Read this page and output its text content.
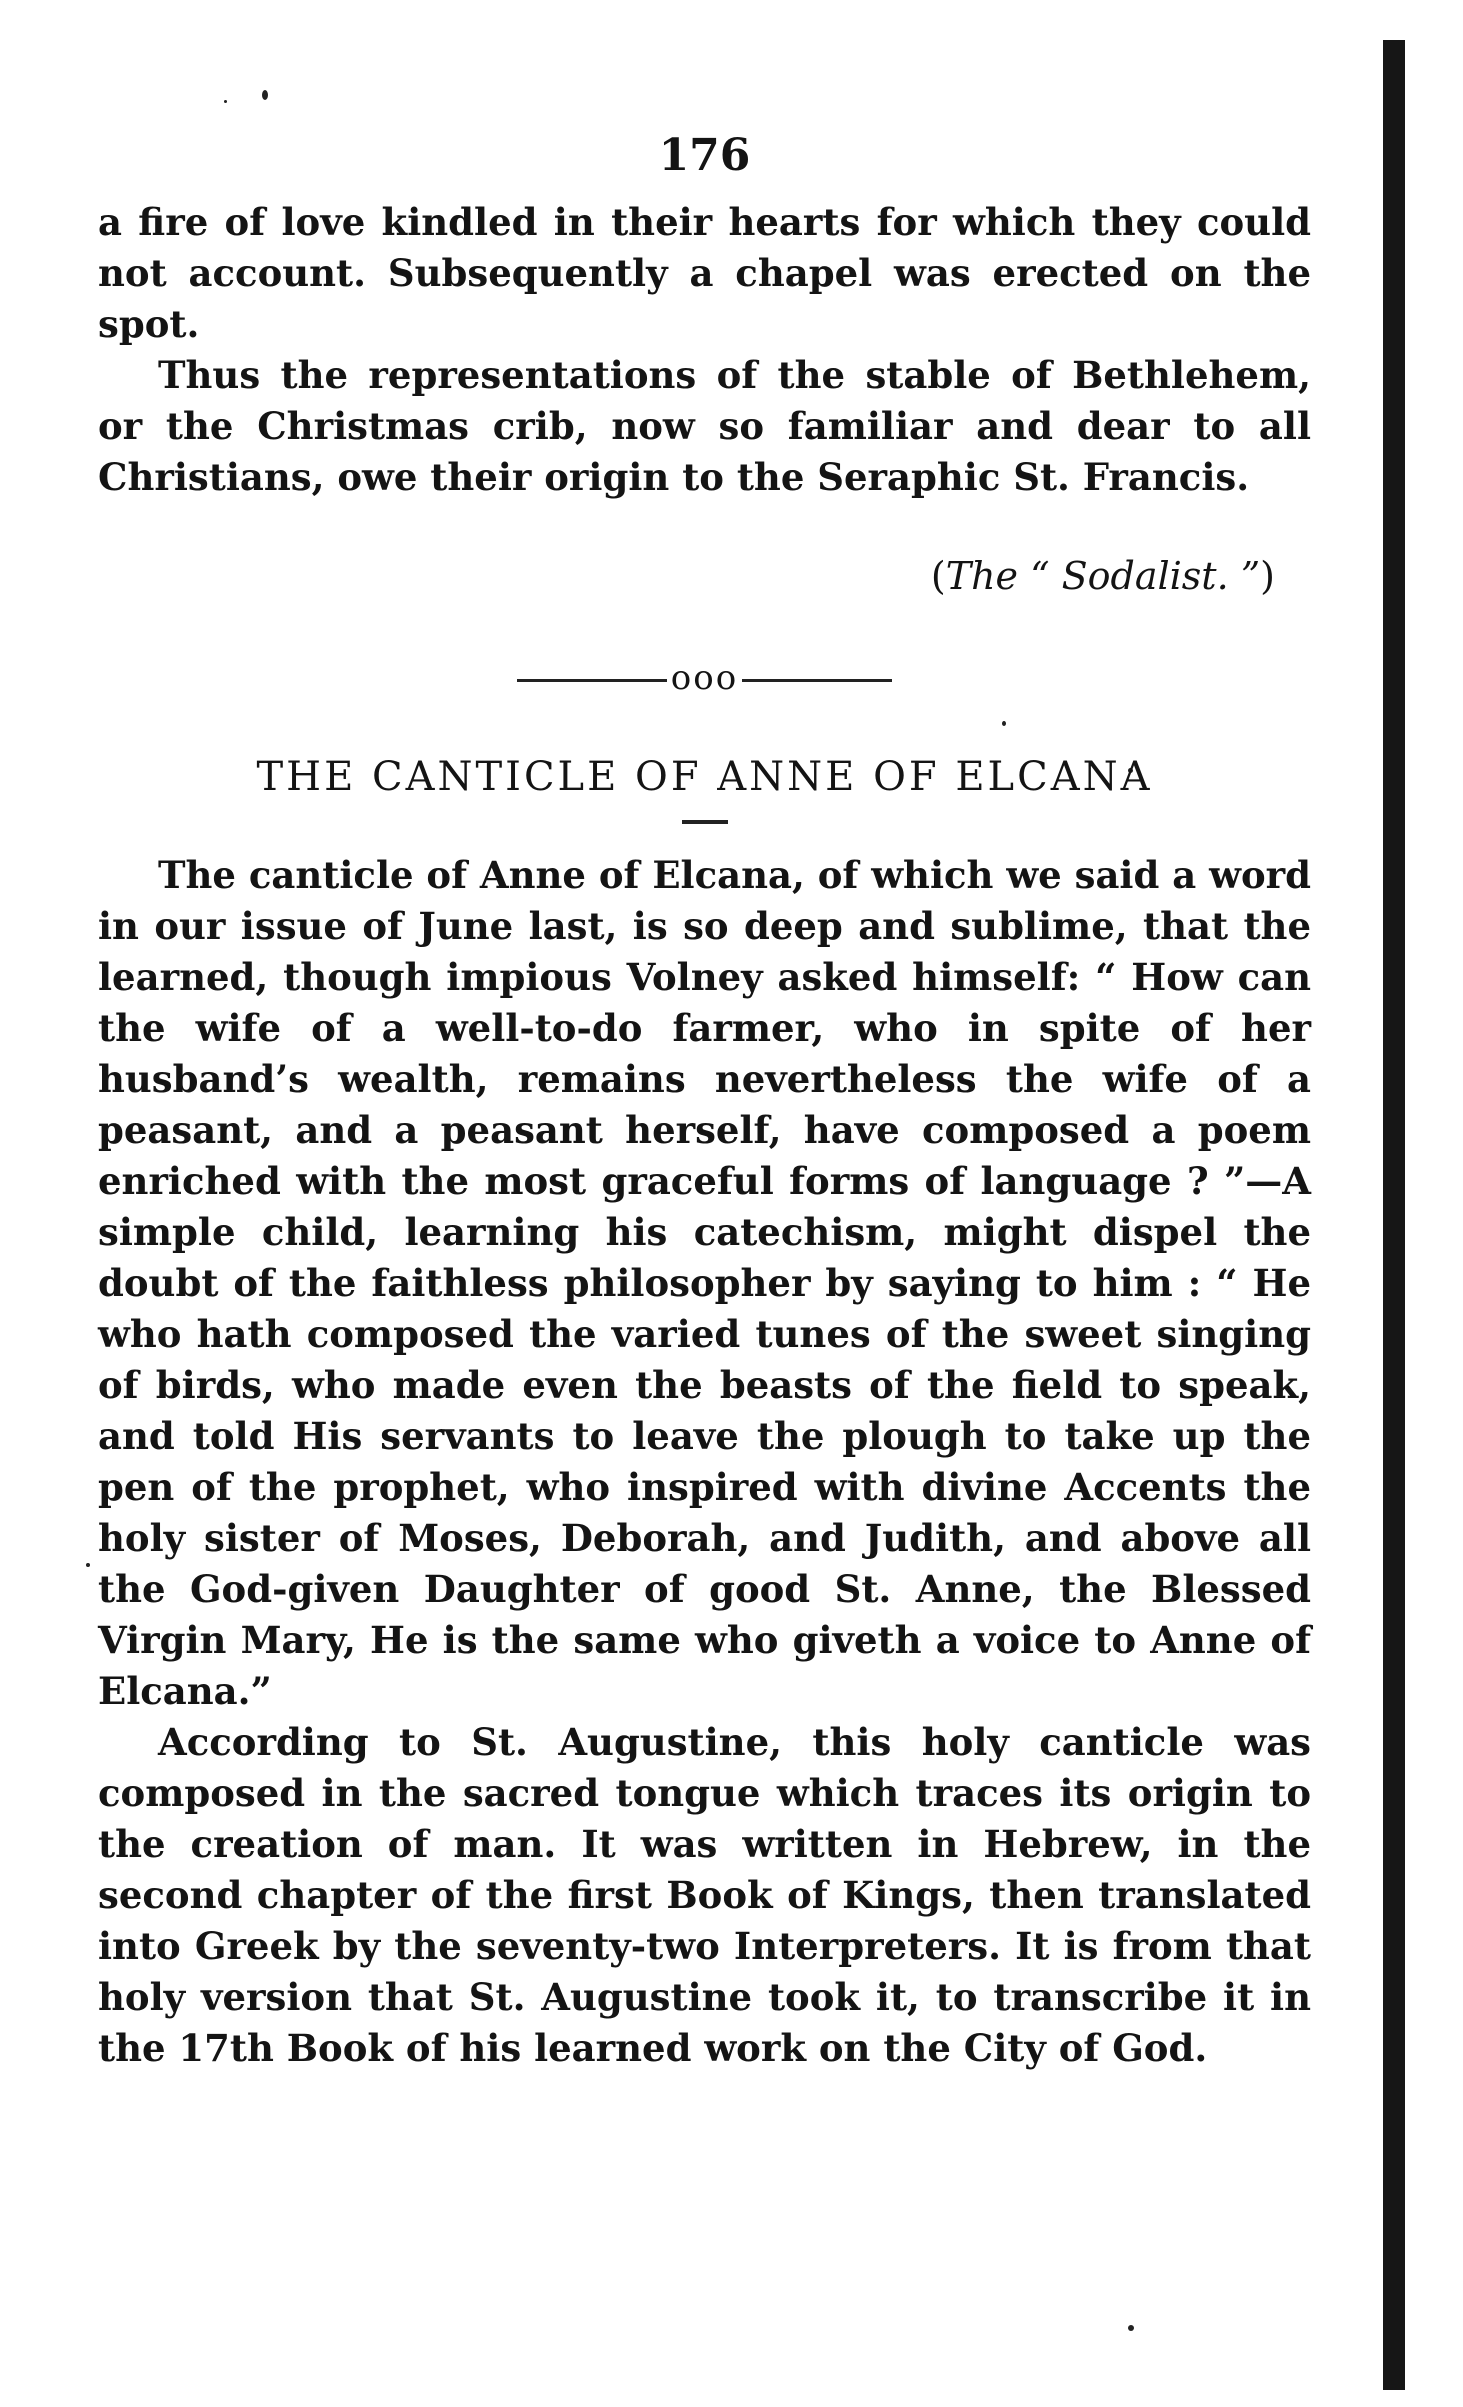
176

a fire of love kindled in their hearts for which they could not account. Subsequently a chapel was erected on the spot.

Thus the representations of the stable of Bethlehem, or the Christmas crib, now so familiar and dear to all Christians, owe their origin to the Seraphic St. Francis.

(The “ Sodalist. ”)
ooo
THE CANTICLE OF ANNE OF ELCANA

The canticle of Anne of Elcana, of which we said a word in our issue of June last, is so deep and sublime, that the learned, though impious Volney asked himself: “ How can the wife of a well-to-do farmer, who in spite of her husband’s wealth, remains nevertheless the wife of a peasant, and a peasant herself, have composed a poem enriched with the most graceful forms of language ? ”—A simple child, learning his catechism, might dispel the doubt of the faithless philosopher by saying to him : “ He who hath composed the varied tunes of the sweet singing of birds, who made even the beasts of the field to speak, and told His servants to leave the plough to take up the pen of the prophet, who inspired with divine Accents the holy sister of Moses, Deborah, and Judith, and above all the God-given Daughter of good St. Anne, the Blessed Virgin Mary, He is the same who giveth a voice to Anne of Elcana.”

According to St. Augustine, this holy canticle was composed in the sacred tongue which traces its origin to the creation of man. It was written in Hebrew, in the second chapter of the first Book of Kings, then translated into Greek by the seventy-two Interpreters. It is from that holy version that St. Augustine took it, to transcribe it in the 17th Book of his learned work on the City of God.
